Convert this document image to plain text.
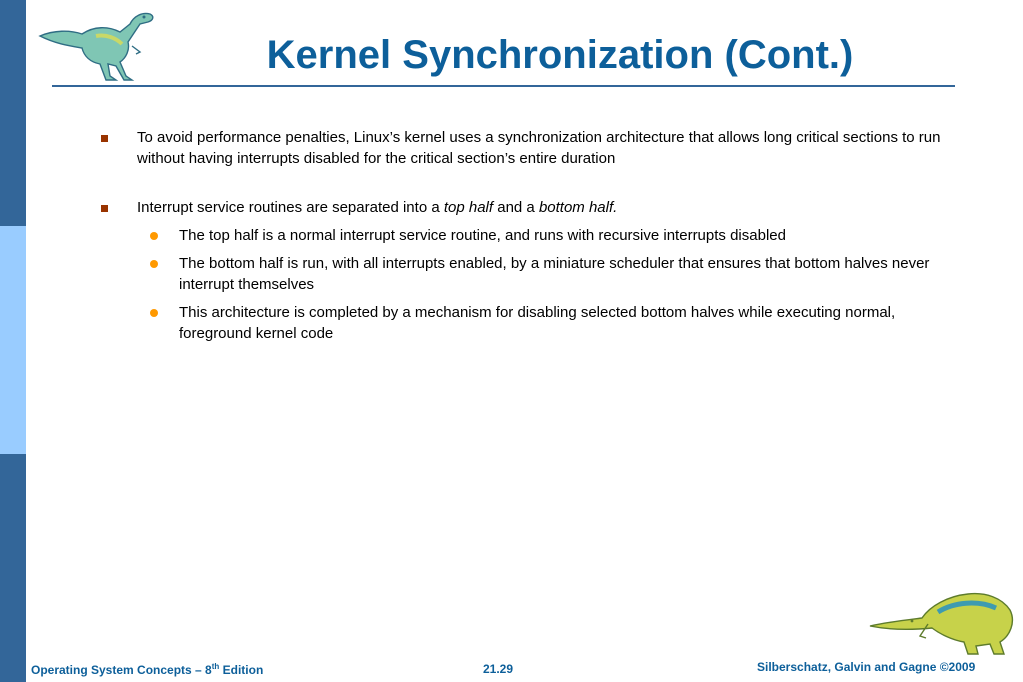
Kernel Synchronization (Cont.)
To avoid performance penalties, Linux’s kernel uses a synchronization architecture that allows long critical sections to run without having interrupts disabled for the critical section’s entire duration
Interrupt service routines are separated into a top half and a bottom half.
The top half is a normal interrupt service routine, and runs with recursive interrupts disabled
The bottom half is run, with all interrupts enabled, by a miniature scheduler that ensures that bottom halves never interrupt themselves
This architecture is completed by a mechanism for disabling selected bottom halves while executing normal, foreground kernel code
Operating System Concepts – 8th Edition	21.29	Silberschatz, Galvin and Gagne ©2009
